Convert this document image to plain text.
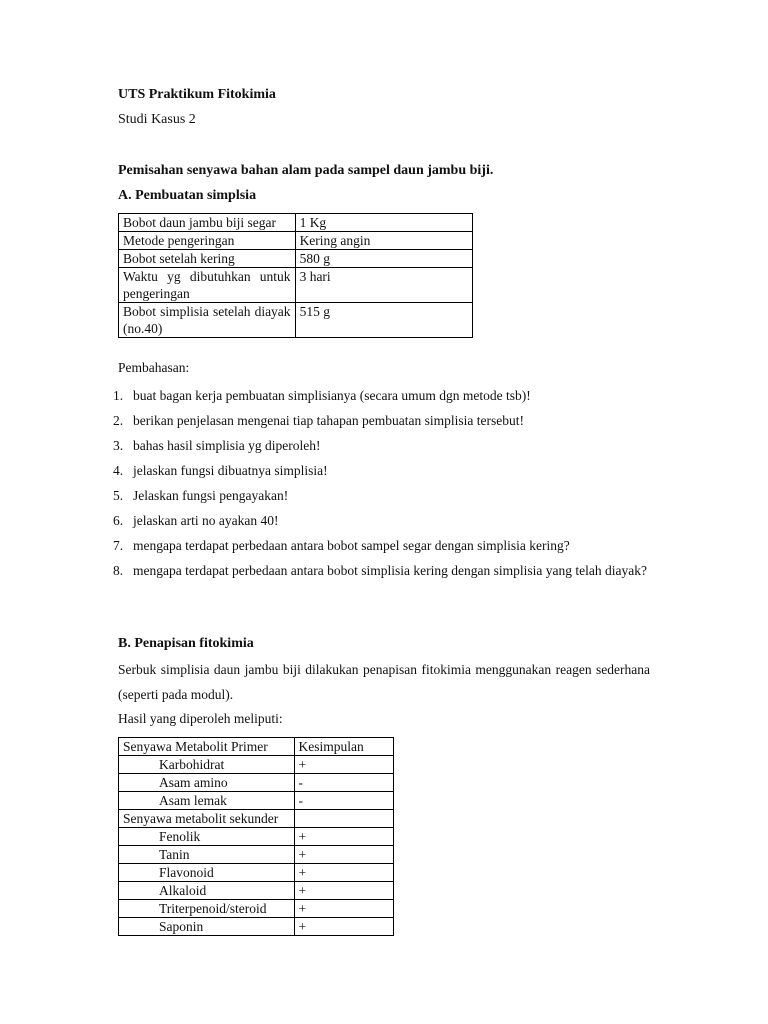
UTS Praktikum Fitokimia
Studi Kasus 2
Pemisahan senyawa bahan alam pada sampel daun jambu biji.
A. Pembuatan simplsia
Bobot daun jambu biji segar	1 Kg
Metode pengeringan	Kering angin
Bobot setelah kering	580 g
Waktu yg dibutuhkan untuk pengeringan	3 hari
Bobot simplisia setelah diayak (no.40)	515 g
Pembahasan:
1. buat bagan kerja pembuatan simplisianya (secara umum dgn metode tsb)!
2. berikan penjelasan mengenai tiap tahapan pembuatan simplisia tersebut!
3. bahas hasil simplisia yg diperoleh!
4. jelaskan fungsi dibuatnya simplisia!
5. Jelaskan fungsi pengayakan!
6. jelaskan arti no ayakan 40!
7. mengapa terdapat perbedaan antara bobot sampel segar dengan simplisia kering?
8. mengapa terdapat perbedaan antara bobot simplisia kering dengan simplisia yang telah diayak?
B. Penapisan fitokimia
Serbuk simplisia daun jambu biji dilakukan penapisan fitokimia menggunakan reagen sederhana (seperti pada modul).
Hasil yang diperoleh meliputi:
Senyawa Metabolit Primer	Kesimpulan
Karbohidrat	+
Asam amino	-
Asam lemak	-
Senyawa metabolit sekunder	
Fenolik	+
Tanin	+
Flavonoid	+
Alkaloid	+
Triterpenoid/steroid	+
Saponin	+
